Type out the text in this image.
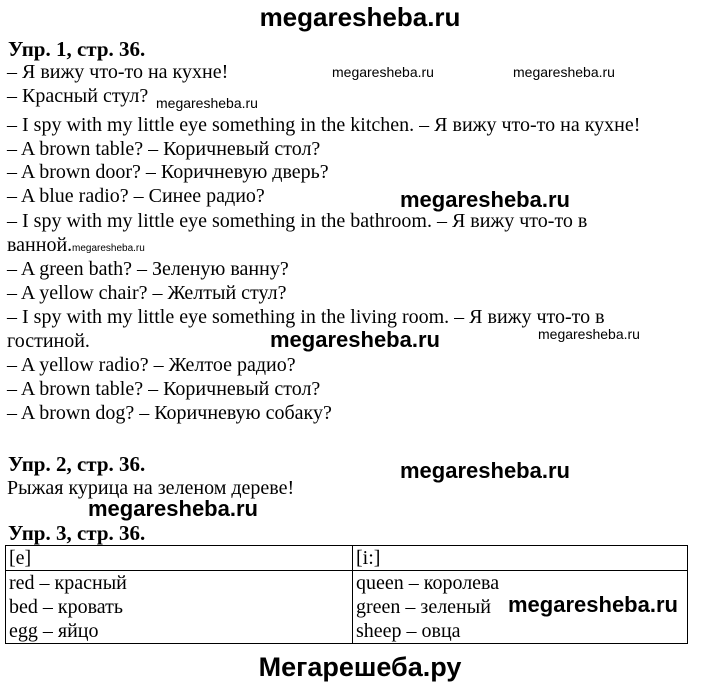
megaresheba.ru
Мегарешеба.ру
Упр. 1, стр. 36.
– Я вижу что-то на кухне!
– Красный стул?
– I spy with my little eye something in the kitchen. – Я вижу что-то на кухне!
– A brown table? – Коричневый стол?
– A brown door? – Коричневую дверь?
– A blue radio? – Синее радио?
– I spy with my little eye something in the bathroom. – Я вижу что-то в
ванной.
– A green bath? – Зеленую ванну?
– A yellow chair? – Желтый стул?
– I spy with my little eye something in the living room. – Я вижу что-то в
гостиной.
– A yellow radio? – Желтое радио?
– A brown table? – Коричневый стол?
– A brown dog? – Коричневую собаку?
Упр. 2, стр. 36.
Рыжая курица на зеленом дереве!
Упр. 3, стр. 36.
[e]	[i:]
red – красный	queen – королева
bed – кровать	green – зеленый
egg – яйцо	sheep – овца
megaresheba.ru	megaresheba.ru
megaresheba.ru
megaresheba.ru
megaresheba.ru
megaresheba.ru	megaresheba.ru
megaresheba.ru
megaresheba.ru
megaresheba.ru
